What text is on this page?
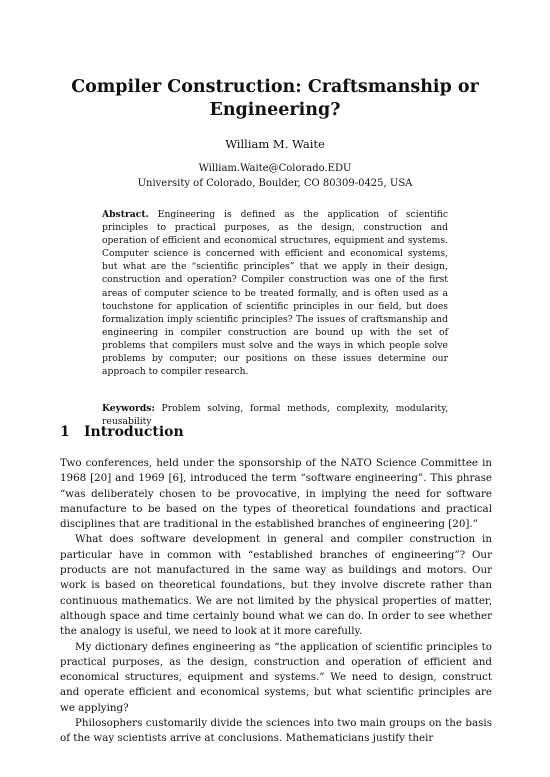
Compiler Construction: Craftsmanship or Engineering?
William M. Waite
William.Waite@Colorado.EDU
University of Colorado, Boulder, CO 80309-0425, USA
Abstract. Engineering is defined as the application of scientific principles to practical purposes, as the design, construction and operation of efficient and economical structures, equipment and systems. Computer science is concerned with efficient and economical systems, but what are the “scientific principles” that we apply in their design, construction and operation? Compiler construction was one of the first areas of computer science to be treated formally, and is often used as a touchstone for application of scientific principles in our field, but does formalization imply scientific principles? The issues of craftsmanship and engineering in compiler construction are bound up with the set of problems that compilers must solve and the ways in which people solve problems by computer; our positions on these issues determine our approach to compiler research.
Keywords: Problem solving, formal methods, complexity, modularity, reusability
1 Introduction

Two conferences, held under the sponsorship of the NATO Science Committee in 1968 [20] and 1969 [6], introduced the term “software engineering”. This phrase “was deliberately chosen to be provocative, in implying the need for software manufacture to be based on the types of theoretical foundations and practical disciplines that are traditional in the established branches of engineering [20].”

What does software development in general and compiler construction in particular have in common with “established branches of engineering”? Our products are not manufactured in the same way as buildings and motors. Our work is based on theoretical foundations, but they involve discrete rather than continuous mathematics. We are not limited by the physical properties of matter, although space and time certainly bound what we can do. In order to see whether the analogy is useful, we need to look at it more carefully.

My dictionary defines engineering as “the application of scientific principles to practical purposes, as the design, construction and operation of efficient and economical structures, equipment and systems.” We need to design, construct and operate efficient and economical systems, but what scientific principles are we applying?

Philosophers customarily divide the sciences into two main groups on the basis of the way scientists arrive at conclusions. Mathematicians justify their
